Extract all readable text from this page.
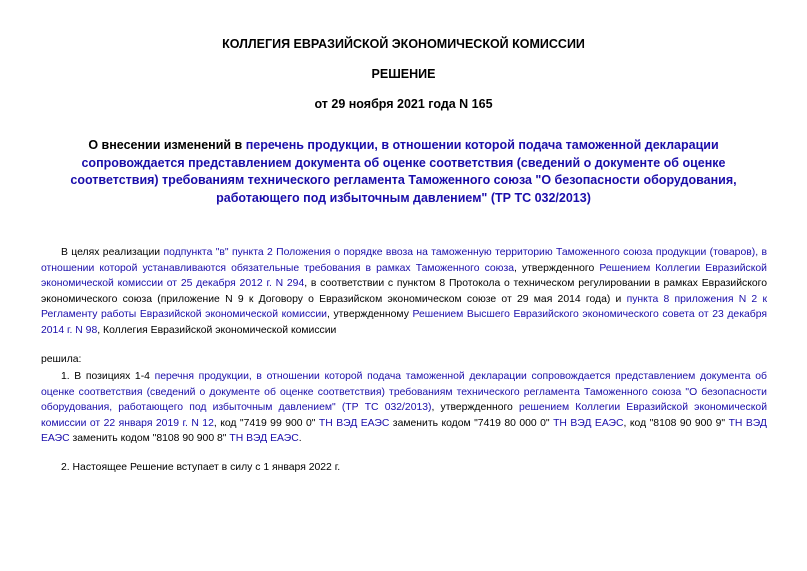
КОЛЛЕГИЯ ЕВРАЗИЙСКОЙ ЭКОНОМИЧЕСКОЙ КОМИССИИ

РЕШЕНИЕ

от 29 ноября 2021 года N 165

О внесении изменений в перечень продукции, в отношении которой подача таможенной декларации сопровождается представлением документа об оценке соответствия (сведений о документе об оценке соответствия) требованиям технического регламента Таможенного союза "О безопасности оборудования, работающего под избыточным давлением" (ТР ТС 032/2013)

В целях реализации подпункта "в" пункта 2 Положения о порядке ввоза на таможенную территорию Таможенного союза продукции (товаров), в отношении которой устанавливаются обязательные требования в рамках Таможенного союза, утвержденного Решением Коллегии Евразийской экономической комиссии от 25 декабря 2012 г. N 294, в соответствии с пунктом 8 Протокола о техническом регулировании в рамках Евразийского экономического союза (приложение N 9 к Договору о Евразийском экономическом союзе от 29 мая 2014 года) и пункта 8 приложения N 2 к Регламенту работы Евразийской экономической комиссии, утвержденному Решением Высшего Евразийского экономического совета от 23 декабря 2014 г. N 98, Коллегия Евразийской экономической комиссии

решила:

1. В позициях 1-4 перечня продукции, в отношении которой подача таможенной декларации сопровождается представлением документа об оценке соответствия (сведений о документе об оценке соответствия) требованиям технического регламента Таможенного союза "О безопасности оборудования, работающего под избыточным давлением" (ТР ТС 032/2013), утвержденного решением Коллегии Евразийской экономической комиссии от 22 января 2019 г. N 12, код "7419 99 900 0" ТН ВЭД ЕАЭС заменить кодом "7419 80 000 0" ТН ВЭД ЕАЭС, код "8108 90 900 9" ТН ВЭД ЕАЭС заменить кодом "8108 90 900 8" ТН ВЭД ЕАЭС.

2. Настоящее Решение вступает в силу с 1 января 2022 г.
